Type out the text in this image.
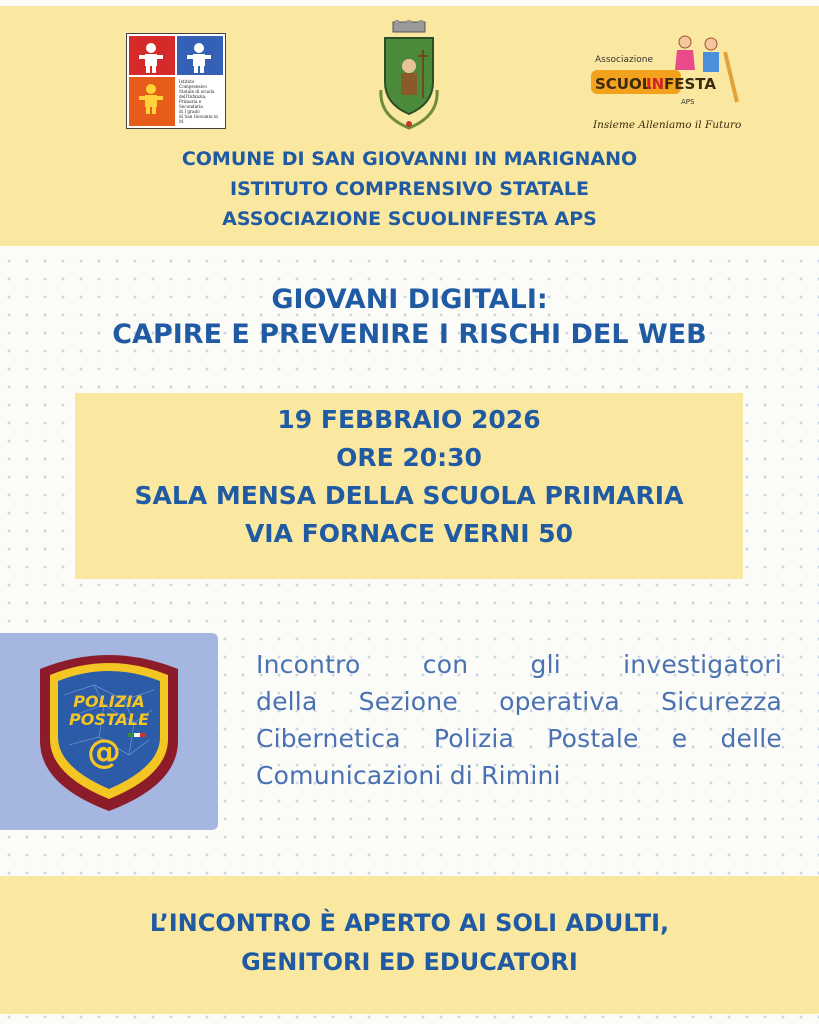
Istituto Comprensivo
Statale di scuola
dell'Infanzia,
Primaria e
Secondaria
di I grado
di San Giovanni in M.
Associazione
SCUOL
IN FESTA
APS
Insieme Alleniamo il Futuro
COMUNE DI SAN GIOVANNI IN MARIGNANO
ISTITUTO COMPRENSIVO STATALE
ASSOCIAZIONE SCUOLINFESTA APS
GIOVANI DIGITALI:
CAPIRE E PREVENIRE I RISCHI DEL WEB
19 FEBBRAIO 2026
ORE 20:30
SALA MENSA DELLA SCUOLA PRIMARIA
VIA FORNACE VERNI 50
POLIZIA
POSTALE
@
Incontro con gli investigatori
della Sezione operativa Sicurezza
Cibernetica Polizia Postale e delle
Comunicazioni di Rimini
L’INCONTRO È APERTO AI SOLI ADULTI,
GENITORI ED EDUCATORI
